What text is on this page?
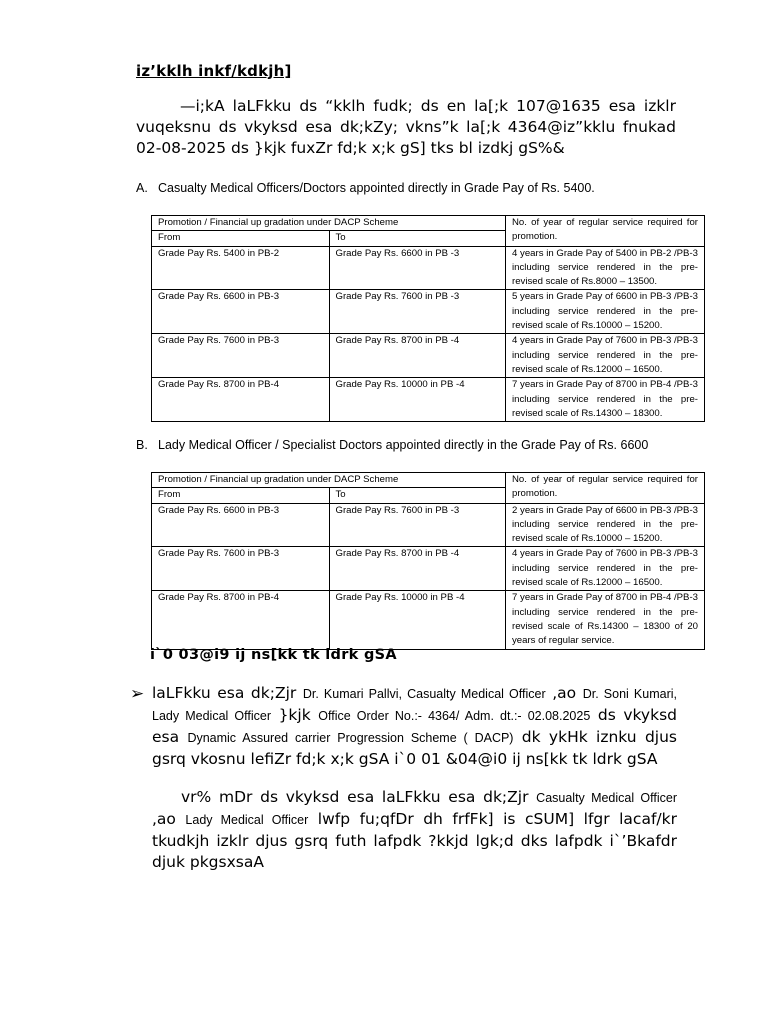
iz’kklh inkf/kdkjh]
—i;kA laLFkku ds “kklh fudk; ds en la[;k 107@1635 esa izklr vuqeksnu ds vkyksd esa dk;kZy; vkns”k la[;k 4364@iz”kklu fnukad 02-08-2025 ds }kjk fuxZr fd;k x;k gS] tks bl izdkj gS%&
A. Casualty Medical Officers/Doctors appointed directly in Grade Pay of Rs. 5400.
Promotion / Financial up gradation under DACP Scheme		No. of year of regular service required for promotion.
From	To	
Grade Pay Rs. 5400 in PB-2	Grade Pay Rs. 6600 in PB -3	4 years in Grade Pay of 5400 in PB-2 /PB-3 including service rendered in the pre-revised scale of Rs.8000 – 13500.
Grade Pay Rs. 6600 in PB-3	Grade Pay Rs. 7600 in PB -3	5 years in Grade Pay of 6600 in PB-3 /PB-3 including service rendered in the pre-revised scale of Rs.10000 – 15200.
Grade Pay Rs. 7600 in PB-3	Grade Pay Rs. 8700 in PB -4	4 years in Grade Pay of 7600 in PB-3 /PB-3 including service rendered in the pre-revised scale of Rs.12000 – 16500.
Grade Pay Rs. 8700 in PB-4	Grade Pay Rs. 10000 in PB -4	7 years in Grade Pay of 8700 in PB-4 /PB-3 including service rendered in the pre-revised scale of Rs.14300 – 18300.
B. Lady Medical Officer / Specialist Doctors appointed directly in the Grade Pay of Rs. 6600
Promotion / Financial up gradation under DACP Scheme		No. of year of regular service required for promotion.
From	To	
Grade Pay Rs. 6600 in PB-3	Grade Pay Rs. 7600 in PB -3	2 years in Grade Pay of 6600 in PB-3 /PB-3 including service rendered in the pre-revised scale of Rs.10000 – 15200.
Grade Pay Rs. 7600 in PB-3	Grade Pay Rs. 8700 in PB -4	4 years in Grade Pay of 7600 in PB-3 /PB-3 including service rendered in the pre-revised scale of Rs.12000 – 16500.
Grade Pay Rs. 8700 in PB-4	Grade Pay Rs. 10000 in PB -4	7 years in Grade Pay of 8700 in PB-4 /PB-3 including service rendered in the pre-revised scale of Rs.14300 – 18300 of 20 years of regular service.
i`0 03@i9 ij ns[kk tk ldrk gSA
➢ laLFkku esa dk;Zjr Dr. Kumari Pallvi, Casualty Medical Officer ,ao Dr. Soni Kumari, Lady Medical Officer }kjk Office Order No.:- 4364/ Adm. dt.:- 02.08.2025 ds vkyksd esa Dynamic Assured carrier Progression Scheme ( DACP) dk ykHk iznku djus gsrq vkosnu lefiZr fd;k x;k gSA i`0 01 &04@i0 ij ns[kk tk ldrk gSA
vr% mDr ds vkyksd esa laLFkku esa dk;Zjr Casualty Medical Officer ,ao Lady Medical Officer lwfp fu;qfDr dh frfFk] is cSUM] lfgr lacaf/kr tkudkjh izklr djus gsrq futh lafpdk ?kkjd lgk;d dks lafpdk i`’Bkafdr djuk pkgsxsaA
